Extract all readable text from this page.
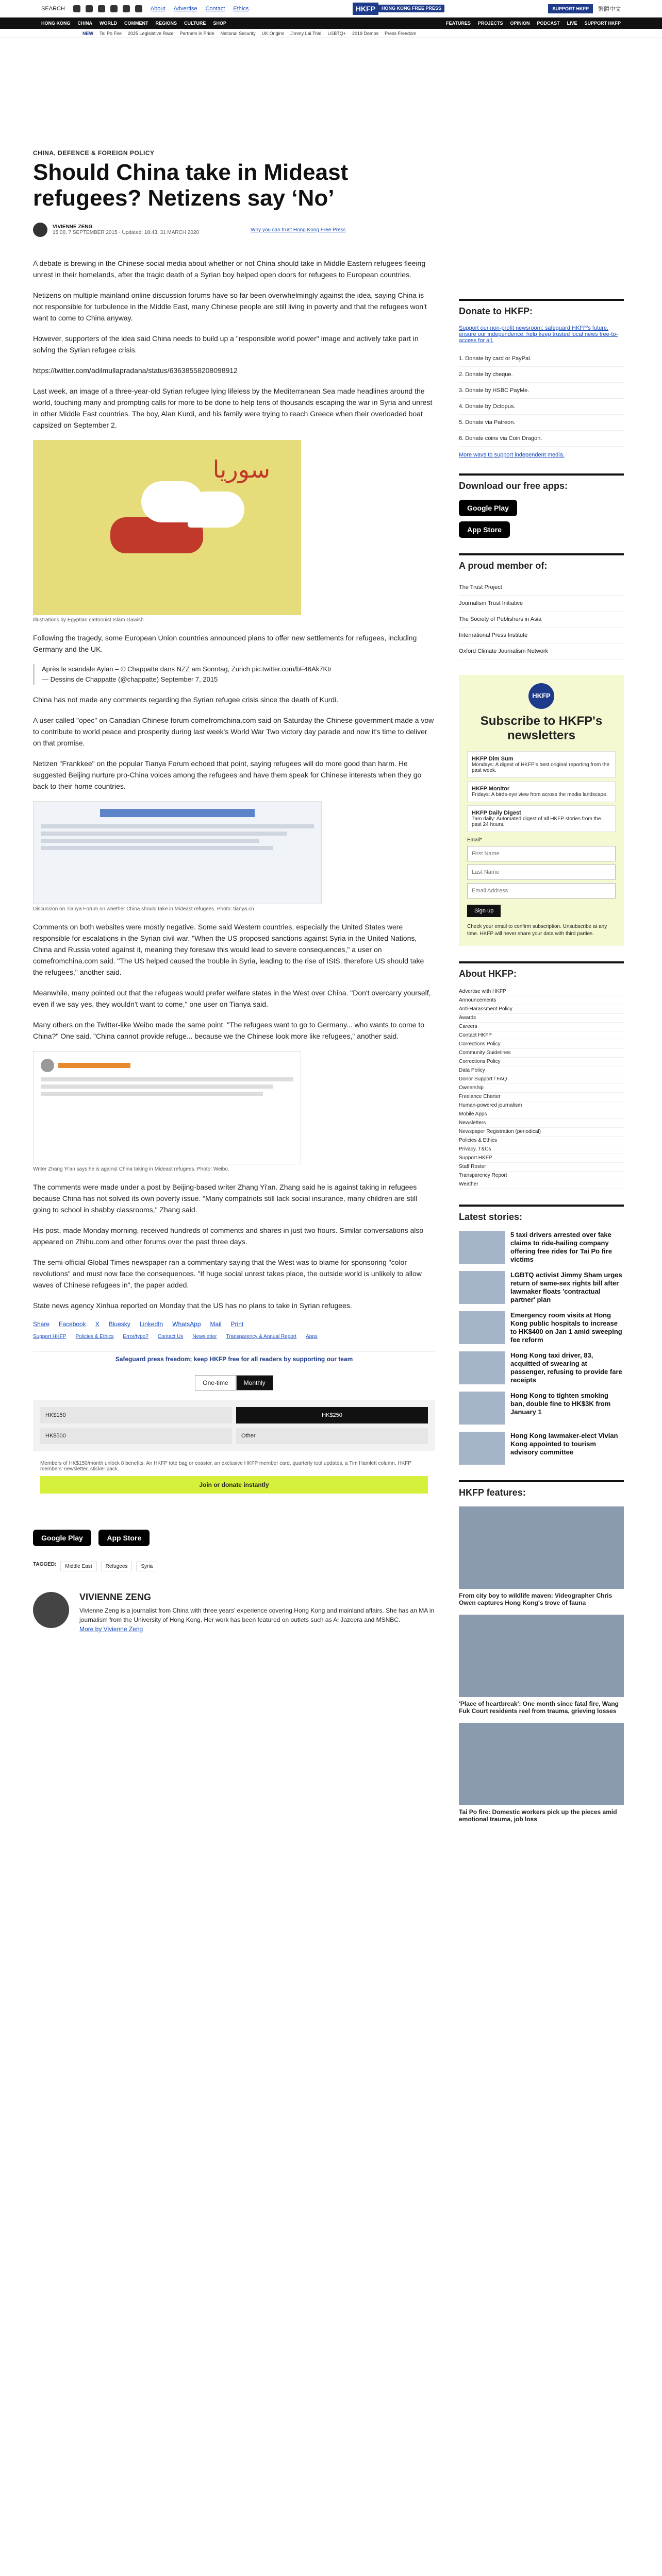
SEARCH	About Advertise Contact Ethics	HKFP	HONG KONG FREE PRESS	SUPPORT HKFP	繁體中文
HONG KONG CHINA WORLD COMMENT REGIONS CULTURE SHOP	FEATURES PROJECTS OPINION PODCAST LIVE SUPPORT HKFP
NEW Tai Po Fire 2025 Legislative Race Partners in Pride National Security UK Origins Jimmy Lai Trial LGBTQ+ 2019 Demos Press Freedom
CHINA, DEFENCE & FOREIGN POLICY
Should China take in Mideast refugees? Netizens say ‘No’
VIVIENNE ZENG
15:00, 7 SEPTEMBER 2015 · Updated: 18:43, 31 MARCH 2020	Why you can trust Hong Kong Free Press

A debate is brewing in the Chinese social media about whether or not China should take in Middle Eastern refugees fleeing unrest in their homelands, after the tragic death of a Syrian boy helped open doors for refugees to European countries.

Netizens on multiple mainland online discussion forums have so far been overwhelmingly against the idea, saying China is not responsible for turbulence in the Middle East, many Chinese people are still living in poverty and that the refugees won't want to come to China anyway.

However, supporters of the idea said China needs to build up a "responsible world power" image and actively take part in solving the Syrian refugee crisis.

https://twitter.com/adilmullapradana/status/63638558208098912

Last week, an image of a three-year-old Syrian refugee lying lifeless by the Mediterranean Sea made headlines around the world, touching many and prompting calls for more to be done to help tens of thousands escaping the war in Syria and unrest in other Middle East countries. The boy, Alan Kurdi, and his family were trying to reach Greece when their overloaded boat capsized on September 2.

سوريا
Illustrations by Egyptian cartoonist Islam Gawish.

Following the tragedy, some European Union countries announced plans to offer new settlements for refugees, including Germany and the UK.

Après le scandale Aylan – © Chappatte dans NZZ am Sonntag, Zurich pic.twitter.com/bF46Ak7Ktr
— Dessins de Chappatte (@chappatte) September 7, 2015

China has not made any comments regarding the Syrian refugee crisis since the death of Kurdi.

A user called "opec" on Canadian Chinese forum comefromchina.com said on Saturday the Chinese government made a vow to contribute to world peace and prosperity during last week's World War Two victory day parade and now it's time to deliver on that promise.

Netizen "Frankkee" on the popular Tianya Forum echoed that point, saying refugees will do more good than harm. He suggested Beijing nurture pro-China voices among the refugees and have them speak for Chinese interests when they go back to their home countries.

Discussion on Tianya Forum on whether China should take in Mideast refugees. Photo: tianya.cn

Comments on both websites were mostly negative. Some said Western countries, especially the United States were responsible for escalations in the Syrian civil war. "When the US proposed sanctions against Syria in the United Nations, China and Russia voted against it, meaning they foresaw this would lead to severe consequences," a user on comefromchina.com said. "The US helped caused the trouble in Syria, leading to the rise of ISIS, therefore US should take the refugees," another said.

Meanwhile, many pointed out that the refugees would prefer welfare states in the West over China. "Don't overcarry yourself, even if we say yes, they wouldn't want to come," one user on Tianya said.

Many others on the Twitter-like Weibo made the same point. "The refugees want to go to Germany... who wants to come to China?" One said. "China cannot provide refuge... because we the Chinese look more like refugees," another said.

Writer Zhang Yi'an says he is against China taking in Mideast refugees. Photo: Weibo.

The comments were made under a post by Beijing-based writer Zhang Yi'an. Zhang said he is against taking in refugees because China has not solved its own poverty issue. "Many compatriots still lack social insurance, many children are still going to school in shabby classrooms," Zhang said.

His post, made Monday morning, received hundreds of comments and shares in just two hours. Similar conversations also appeared on Zhihu.com and other forums over the past three days.

The semi-official Global Times newspaper ran a commentary saying that the West was to blame for sponsoring "color revolutions" and must now face the consequences. "If huge social unrest takes place, the outside world is unlikely to allow waves of Chinese refugees in", the paper added.

State news agency Xinhua reported on Monday that the US has no plans to take in Syrian refugees.

Share Facebook X Bluesky LinkedIn WhatsApp Mail Print
Support HKFP Policies & Ethics Error/typo? Contact Us Newsletter Transparency & Annual Report Apps
Safeguard press freedom; keep HKFP free for all readers by supporting our team
One-time	Monthly
HK$150	HK$250
HK$500	Other
Members of HK$150/month unlock 8 benefits: An HKFP tote bag or coaster, an exclusive HKFP member card, quarterly tool updates, a Tim Hamlett column, HKFP members' newsletter, sticker pack.
Join or donate instantly
Google Play	App Store
TAGGED:	Middle East	Refugees	Syria
VIVIENNE ZENG

Vivienne Zeng is a journalist from China with three years' experience covering Hong Kong and mainland affairs. She has an MA in journalism from the University of Hong Kong. Her work has been featured on outlets such as Al Jazeera and MSNBC.

More by Vivienne Zeng
Donate to HKFP:
Support our non-profit newsroom: safeguard HKFP's future, ensure our independence, help keep trusted local news free-to-access for all.
1. Donate by card or PayPal.
2. Donate by cheque.
3. Donate by HSBC PayMe.
4. Donate by Octopus.
5. Donate via Patreon.
6. Donate coins via Coin Dragon.
More ways to support independent media.
Download our free apps:
Google Play
App Store
A proud member of:
The Trust Project
Journalism Trust Initiative
The Society of Publishers in Asia
International Press Institute
Oxford Climate Journalism Network
HKFP
Subscribe to HKFP's newsletters
HKFP Dim Sum
Mondays: A digest of HKFP's best original reporting from the past week.
HKFP Monitor
Fridays: A birds-eye view from across the media landscape.
HKFP Daily Digest
7am daily: Automated digest of all HKFP stories from the past 24 hours.
Email*
First Name
Last Name
Email Address
Sign up
Check your email to confirm subscription. Unsubscribe at any time. HKFP will never share your data with third parties.
About HKFP:
Advertise with HKFP
Announcements
Anti-Harassment Policy
Awards
Careers
Contact HKFP
Corrections Policy
Community Guidelines
Corrections Policy
Data Policy
Donor Support / FAQ
Ownership
Freelance Charter
Human-powered journalism
Mobile Apps
Newsletters
Newspaper Registration (periodical)
Policies & Ethics
Privacy, T&Cs
Support HKFP
Staff Roster
Transparency Report
Weather
Latest stories:
5 taxi drivers arrested over fake claims to ride-hailing company offering free rides for Tai Po fire victims
LGBTQ activist Jimmy Sham urges return of same-sex rights bill after lawmaker floats 'contractual partner' plan
Emergency room visits at Hong Kong public hospitals to increase to HK$400 on Jan 1 amid sweeping fee reform
Hong Kong taxi driver, 83, acquitted of swearing at passenger, refusing to provide fare receipts
Hong Kong to tighten smoking ban, double fine to HK$3K from January 1
Hong Kong lawmaker-elect Vivian Kong appointed to tourism advisory committee
HKFP features:
From city boy to wildlife maven: Videographer Chris Owen captures Hong Kong's trove of fauna
'Place of heartbreak': One month since fatal fire, Wang Fuk Court residents reel from trauma, grieving losses
Tai Po fire: Domestic workers pick up the pieces amid emotional trauma, job loss
